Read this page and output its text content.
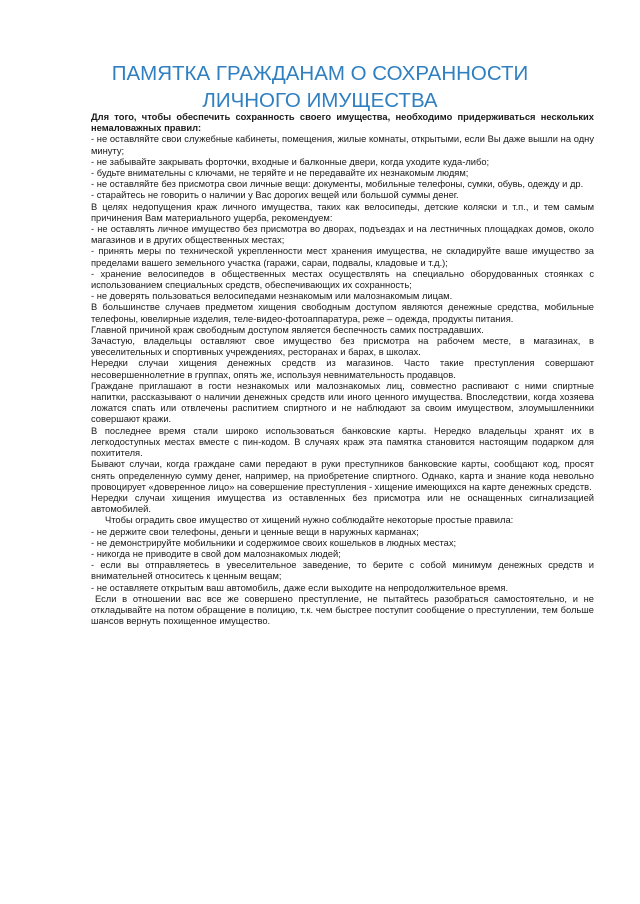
ПАМЯТКА ГРАЖДАНАМ О СОХРАННОСТИ
ЛИЧНОГО ИМУЩЕСТВА

Для того, чтобы обеспечить сохранность своего имущества, необходимо придерживаться нескольких немаловажных правил:

- не оставляйте свои служебные кабинеты, помещения, жилые комнаты, открытыми, если Вы даже вышли на одну минуту;

- не забывайте закрывать форточки, входные и балконные двери, когда уходите куда-либо;

- будьте внимательны с ключами, не теряйте и не передавайте их незнакомым людям;

- не оставляйте без присмотра свои личные вещи: документы, мобильные телефоны, сумки, обувь, одежду и др.

- старайтесь не говорить о наличии у Вас дорогих вещей или большой суммы денег.

В целях недопущения краж личного имущества, таких как велосипеды, детские коляски и т.п., и тем самым причинения Вам материального ущерба, рекомендуем:

- не оставлять личное имущество без присмотра во дворах, подъездах и на лестничных площадках домов, около магазинов и в других общественных местах;

- принять меры по технической укрепленности мест хранения имущества, не складируйте ваше имущество за пределами вашего земельного участка (гаражи, сараи, подвалы, кладовые и т.д.);

- хранение велосипедов в общественных местах осуществлять на специально оборудованных стоянках с использованием специальных средств, обеспечивающих их сохранность;

- не доверять пользоваться велосипедами незнакомым или малознакомым лицам.

В большинстве случаев предметом хищения свободным доступом являются денежные средства, мобильные телефоны, ювелирные изделия, теле-видео-фотоаппаратура, реже – одежда, продукты питания.

Главной причиной краж свободным доступом является беспечность самих пострадавших.

Зачастую, владельцы оставляют свое имущество без присмотра на рабочем месте, в магазинах, в увеселительных и спортивных учреждениях, ресторанах и барах, в школах.

Нередки случаи хищения денежных средств из магазинов. Часто такие преступления совершают несовершеннолетние в группах, опять же, используя невнимательность продавцов.

Граждане приглашают в гости незнакомых или малознакомых лиц, совместно распивают с ними спиртные напитки, рассказывают о наличии денежных средств или иного ценного имущества. Впоследствии, когда хозяева ложатся спать или отвлечены распитием спиртного и не наблюдают за своим имуществом, злоумышленники совершают кражи.

В последнее время стали широко использоваться банковские карты. Нередко владельцы хранят их в легкодоступных местах вместе с пин-кодом. В случаях краж эта памятка становится настоящим подарком для похитителя.

Бывают случаи, когда граждане сами передают в руки преступников банковские карты, сообщают код, просят снять определенную сумму денег, например, на приобретение спиртного. Однако, карта и знание кода невольно провоцирует «доверенное лицо» на совершение преступления - хищение имеющихся на карте денежных средств.

Нередки случаи хищения имущества из оставленных без присмотра или не оснащенных сигнализацией автомобилей.

Чтобы оградить свое имущество от хищений нужно соблюдайте некоторые простые правила:

- не держите свои телефоны, деньги и ценные вещи в наружных карманах;

- не демонстрируйте мобильники и содержимое своих кошельков в людных местах;

- никогда не приводите в свой дом малознакомых людей;

- если вы отправляетесь в увеселительное заведение, то берите с собой минимум денежных средств и внимательней относитесь к ценным вещам;

- не оставляете открытым ваш автомобиль, даже если выходите на непродолжительное время.

Если в отношении вас все же совершено преступление, не пытайтесь разобраться самостоятельно, и не откладывайте на потом обращение в полицию, т.к. чем быстрее поступит сообщение о преступлении, тем больше шансов вернуть похищенное имущество.
